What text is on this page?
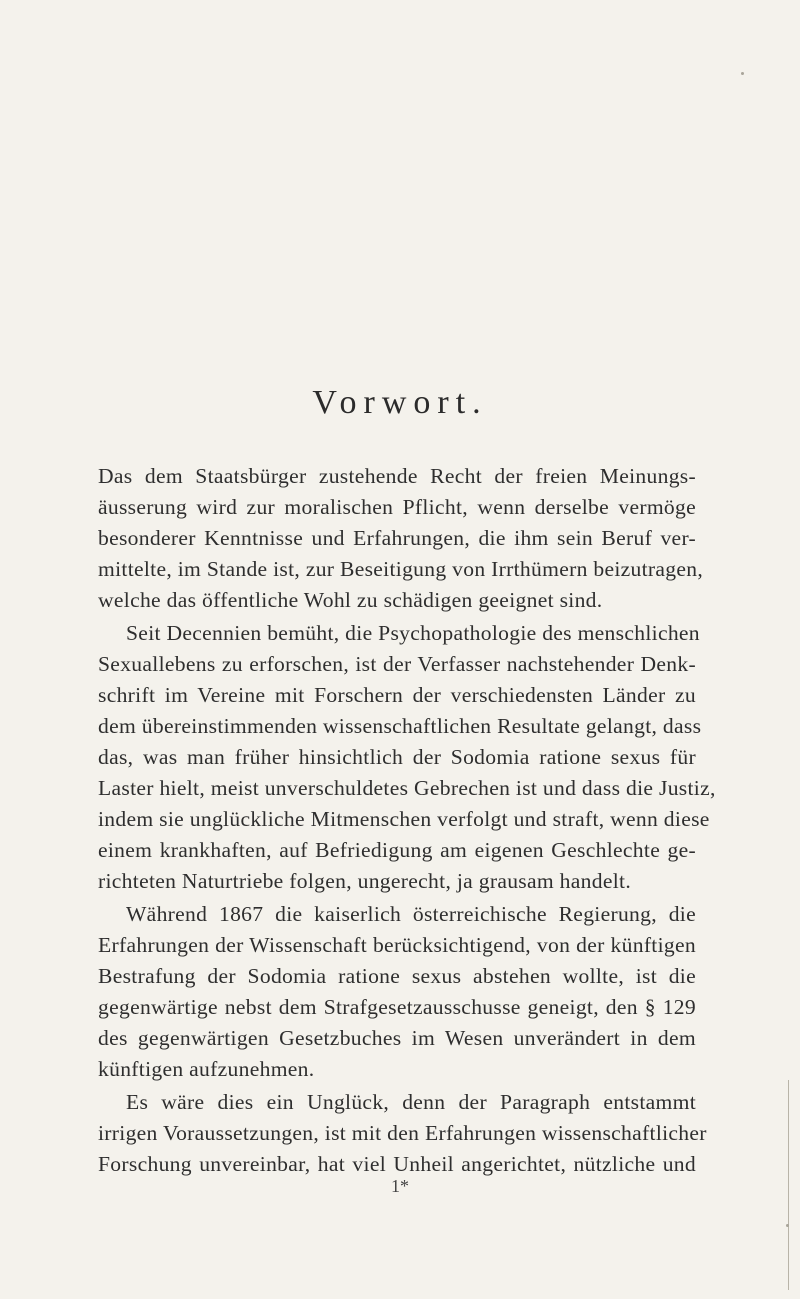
Vorwort.
Das dem Staatsbürger zustehende Recht der freien Meinungs-
äusserung wird zur moralischen Pflicht, wenn derselbe vermöge
besonderer Kenntnisse und Erfahrungen, die ihm sein Beruf ver-
mittelte, im Stande ist, zur Beseitigung von Irrthümern beizutragen,
welche das öffentliche Wohl zu schädigen geeignet sind.
Seit Decennien bemüht, die Psychopathologie des menschlichen
Sexuallebens zu erforschen, ist der Verfasser nachstehender Denk-
schrift im Vereine mit Forschern der verschiedensten Länder zu
dem übereinstimmenden wissenschaftlichen Resultate gelangt, dass
das, was man früher hinsichtlich der Sodomia ratione sexus für
Laster hielt, meist unverschuldetes Gebrechen ist und dass die Justiz,
indem sie unglückliche Mitmenschen verfolgt und straft, wenn diese
einem krankhaften, auf Befriedigung am eigenen Geschlechte ge-
richteten Naturtriebe folgen, ungerecht, ja grausam handelt.
Während 1867 die kaiserlich österreichische Regierung, die
Erfahrungen der Wissenschaft berücksichtigend, von der künftigen
Bestrafung der Sodomia ratione sexus abstehen wollte, ist die
gegenwärtige nebst dem Strafgesetzausschusse geneigt, den § 129
des gegenwärtigen Gesetzbuches im Wesen unverändert in dem
künftigen aufzunehmen.
Es wäre dies ein Unglück, denn der Paragraph entstammt
irrigen Voraussetzungen, ist mit den Erfahrungen wissenschaftlicher
Forschung unvereinbar, hat viel Unheil angerichtet, nützliche und
1*
